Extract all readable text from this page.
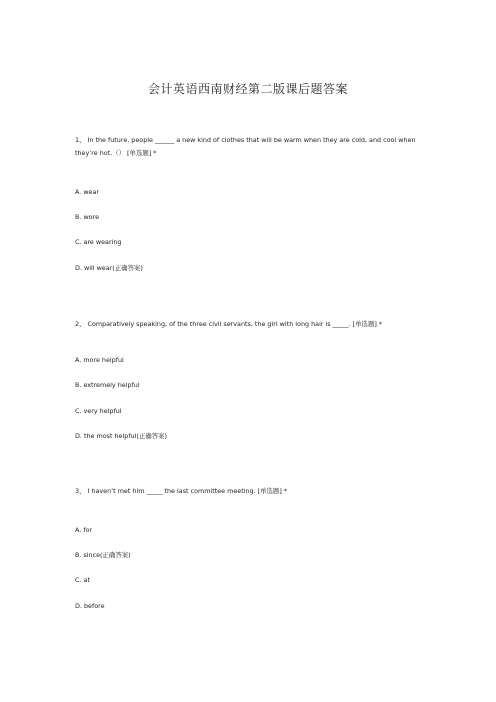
会计英语西南财经第二版课后题答案
1、 In the future, people ______ a new kind of clothes that will be warm when they are cold, and cool when they’re hot.（） [单选题] *
A. wear
B. wore
C. are wearing
D. will wear(正确答案)
2、 Comparatively speaking, of the three civil servants, the girl with long hair is _____. [单选题] *
A. more helpful
B. extremely helpful
C. very helpful
D. the most helpful(正确答案)
3、 I haven’t met him _____ the last committee meeting. [单选题] *
A. for
B. since(正确答案)
C. at
D. before
